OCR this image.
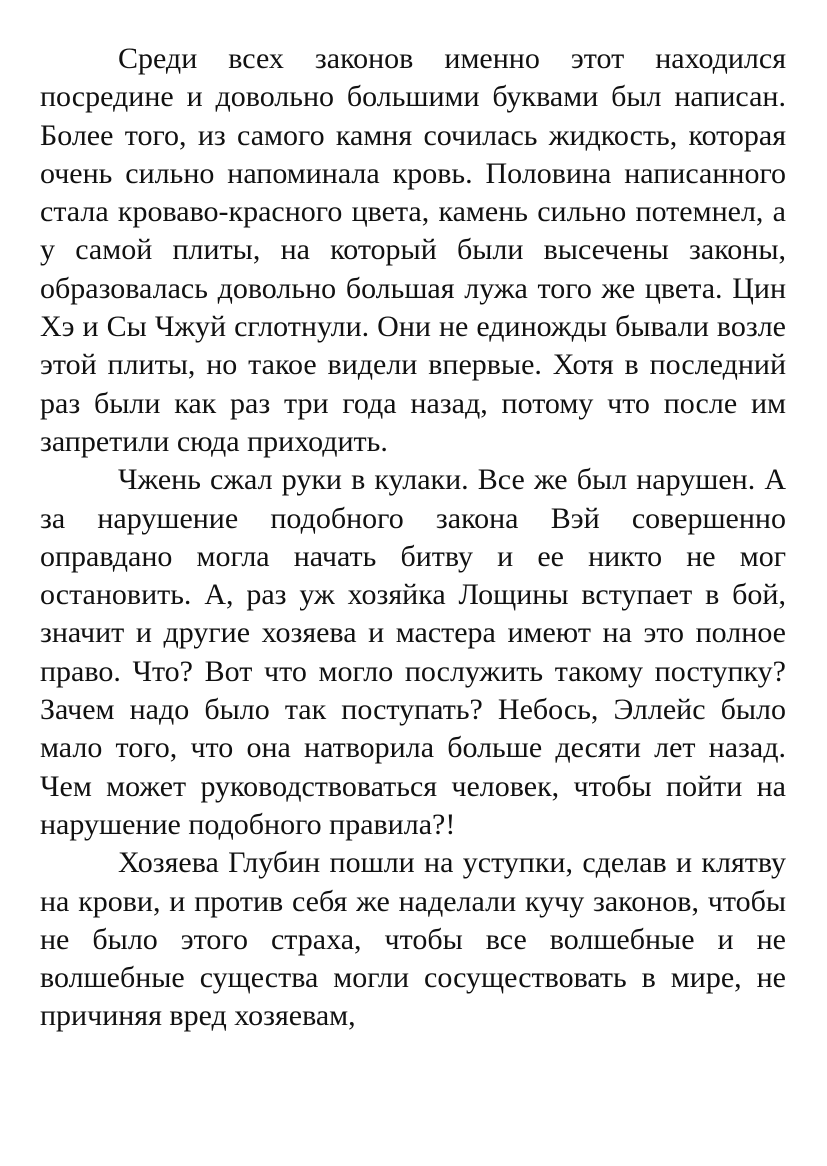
Среди всех законов именно этот находился посредине и довольно большими буквами был написан. Более того, из самого камня сочилась жидкость, которая очень сильно напоминала кровь. Половина написанного стала кроваво-красного цвета, камень сильно потемнел, а у самой плиты, на который были высечены законы, образовалась довольно большая лужа того же цвета. Цин Хэ и Сы Чжуй сглотнули. Они не единожды бывали возле этой плиты, но такое видели впервые. Хотя в последний раз были как раз три года назад, потому что после им запретили сюда приходить.

Чжень сжал руки в кулаки. Все же был нарушен. А за нарушение подобного закона Вэй совершенно оправдано могла начать битву и ее никто не мог остановить. А, раз уж хозяйка Лощины вступает в бой, значит и другие хозяева и мастера имеют на это полное право. Что? Вот что могло послужить такому поступку? Зачем надо было так поступать? Небось, Эллейс было мало того, что она натворила больше десяти лет назад. Чем может руководствоваться человек, чтобы пойти на нарушение подобного правила?!

Хозяева Глубин пошли на уступки, сделав и клятву на крови, и против себя же наделали кучу законов, чтобы не было этого страха, чтобы все волшебные и не волшебные существа могли сосуществовать в мире, не причиняя вред хозяевам,
